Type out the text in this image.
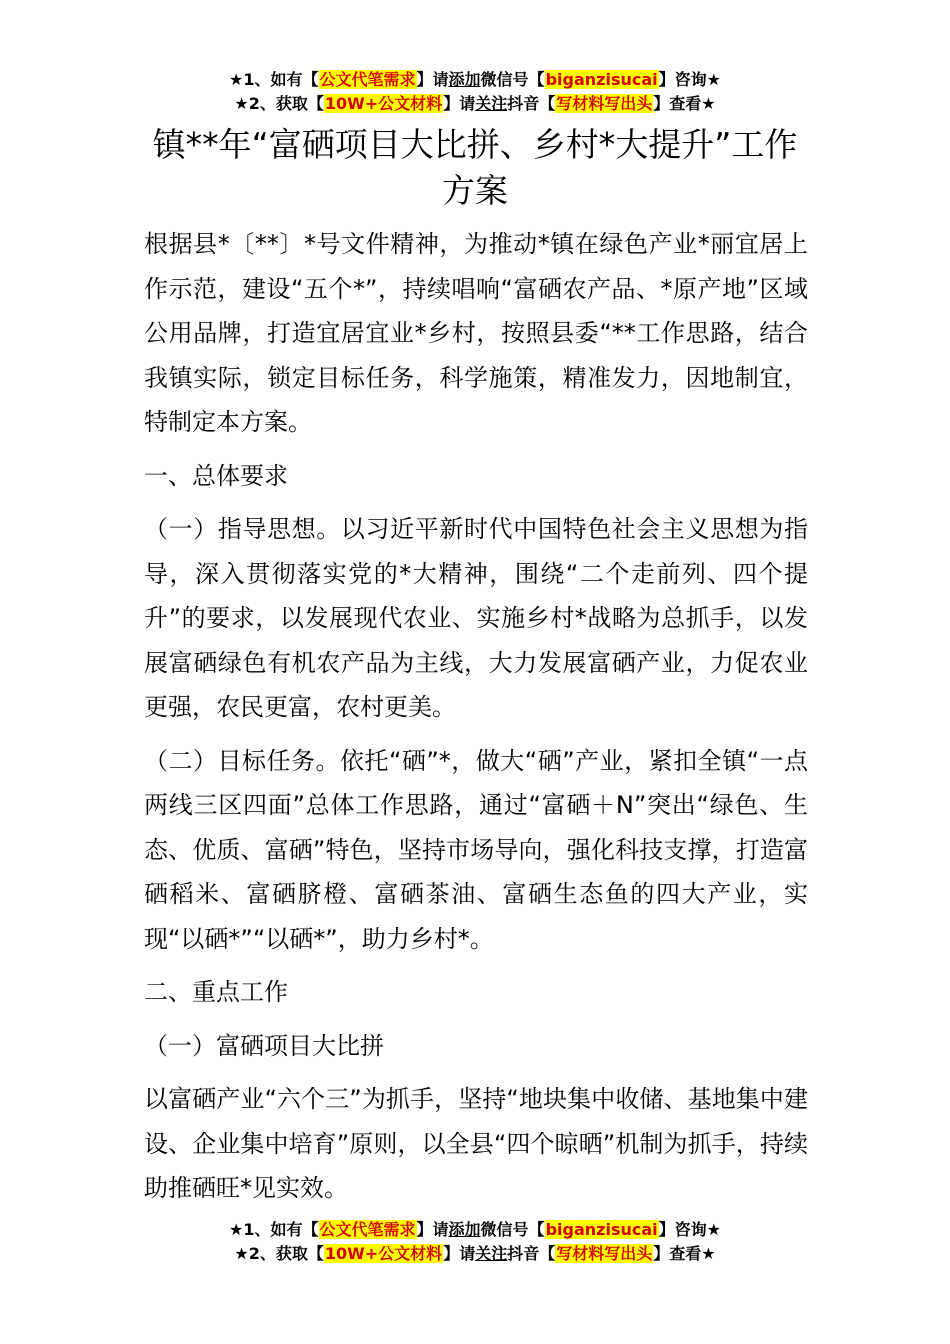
★1、如有【公文代笔需求】请添加微信号【biganzisucai】咨询★
★2、获取【10W+公文材料】请关注抖音【写材料写出头】查看★
镇**年“富硒项目大比拼、乡村*大提升”工作方案

根据县*〔**〕*号文件精神，为推动*镇在绿色产业*丽宜居上作示范，建设“五个*”，持续唱响“富硒农产品、*原产地”区域公用品牌，打造宜居宜业*乡村，按照县委“**工作思路，结合我镇实际，锁定目标任务，科学施策，精准发力，因地制宜，特制定本方案。

一、总体要求

（一）指导思想。以习近平新时代中国特色社会主义思想为指导，深入贯彻落实党的*大精神，围绕“二个走前列、四个提升”的要求，以发展现代农业、实施乡村*战略为总抓手，以发展富硒绿色有机农产品为主线，大力发展富硒产业，力促农业更强，农民更富，农村更美。

（二）目标任务。依托“硒”*，做大“硒”产业，紧扣全镇“一点两线三区四面”总体工作思路，通过“富硒＋N”突出“绿色、生态、优质、富硒”特色，坚持市场导向，强化科技支撑，打造富硒稻米、富硒脐橙、富硒茶油、富硒生态鱼的四大产业，实现“以硒*”“以硒*”，助力乡村*。

二、重点工作

（一）富硒项目大比拼

以富硒产业“六个三”为抓手，坚持“地块集中收储、基地集中建设、企业集中培育”原则，以全县“四个晾晒”机制为抓手，持续助推硒旺*见实效。

★1、如有【公文代笔需求】请添加微信号【biganzisucai】咨询★
★2、获取【10W+公文材料】请关注抖音【写材料写出头】查看★
